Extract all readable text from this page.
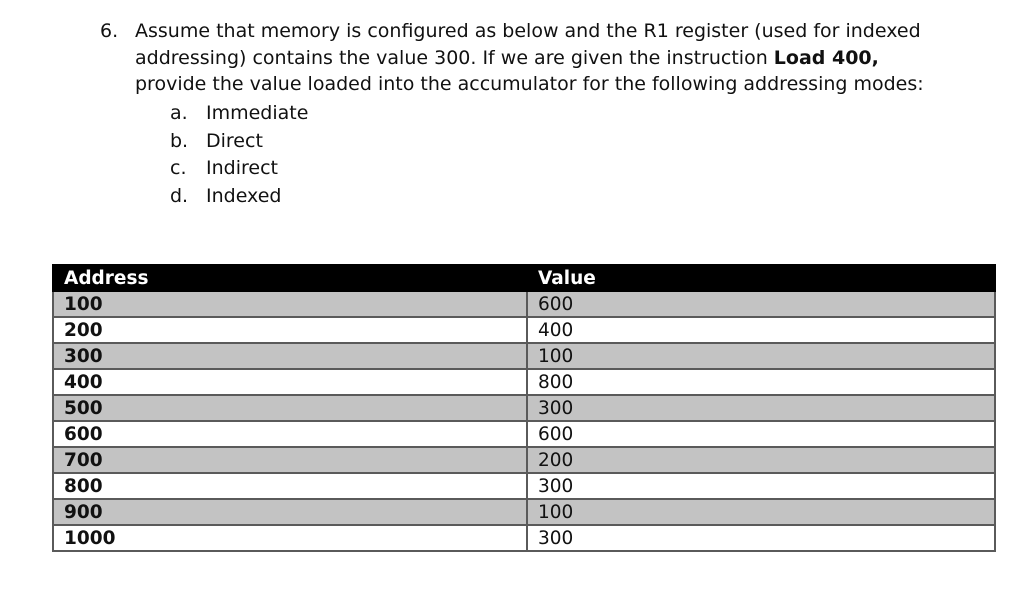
6. Assume that memory is configured as below and the R1 register (used for indexed
addressing) contains the value 300. If we are given the instruction Load 400,
provide the value loaded into the accumulator for the following addressing modes:
a. Immediate
b. Direct
c. Indirect
d. Indexed
Address	Value
100	600
200	400
300	100
400	800
500	300
600	600
700	200
800	300
900	100
1000	300
